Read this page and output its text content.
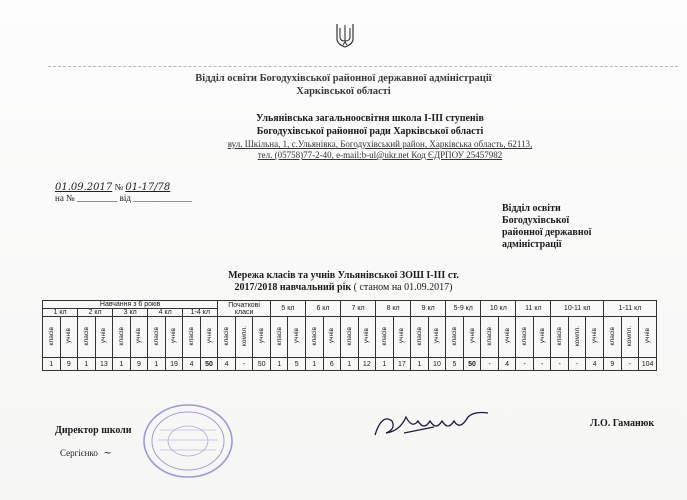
Відділ освіти Богодухівської районної державної адміністрації
Харківської області
Ульянівська загальноосвітня школа І-ІІІ ступенів
Богодухівської районної ради Харківської області
вул. Шкільна, 1, с.Ульянівка, Богодухівський район, Харківська область, 62113,
тел. (05758)77-2-40, e-mail:b-ul@ukr.net Код ЄДРПОУ 25457982
01.09.2017 № 01-17/78
на № _________ від _____________
Відділ освіти
Богодухівської
районної державної
адміністрації
Мережа класів та учнів Ульянівської ЗОШ І-ІІІ ст.
2017/2018 навчальний рік ( станом на 01.09.2017)
Навчання з 6 років										Початкові класи			5 кл		6 кл		7 кл		8 кл		9 кл		5-9 кл		10 кл		11 кл		10-11 кл			1-11 кл		
1 кл		2 кл		3 кл		4 кл		1-4 кл																										
класів	учнів	класів	учнів	класів	учнів	класів	учнів	класів	учнів	класів	компл.	учнів	класів	учнів	класів	учнів	класів	учнів	класів	учнів	класів	учнів	класів	учнів	класів	учнів	класів	учнів	класів	компл.	учнів	класів	компл.	учнів
1	9	1	13	1	9	1	19	4	50	4	-	50	1	5	1	6	1	12	1	17	1	10	5	50	-	4	-	-	-	-	4	9	-	104
Директор школи
Л.О. Гаманюк
Сергієнко  ~
